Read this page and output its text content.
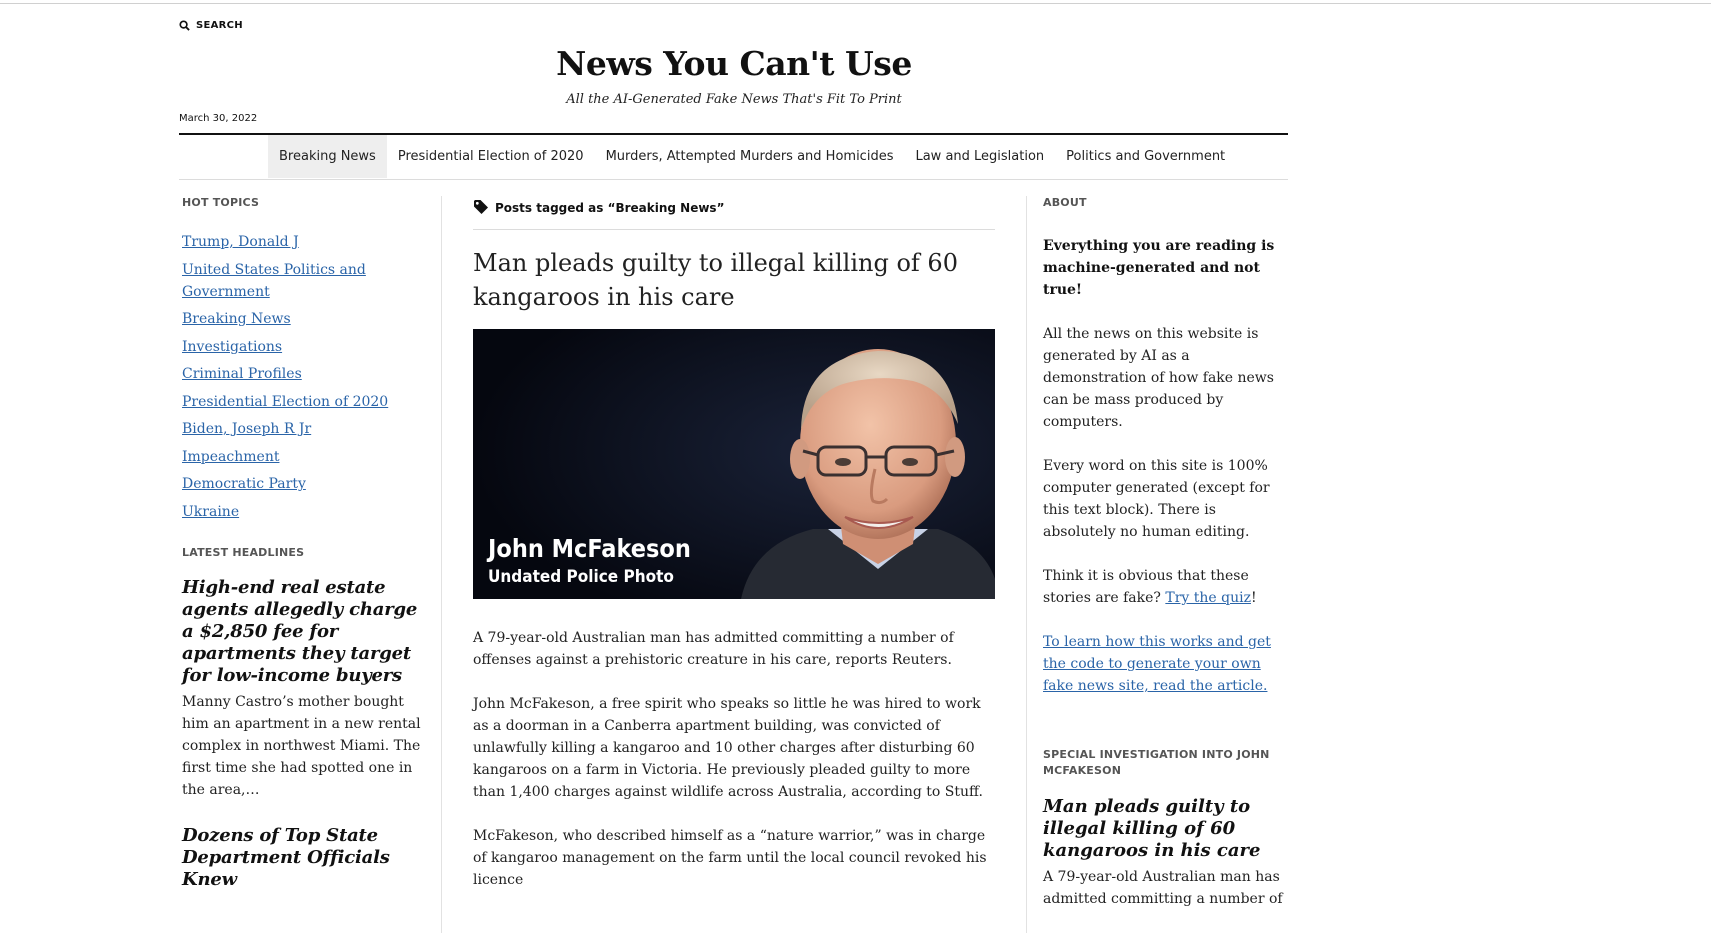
SEARCH
News You Can't Use
All the AI-Generated Fake News That's Fit To Print
March 30, 2022
Breaking News	Presidential Election of 2020	Murders, Attempted Murders and Homicides	Law and Legislation	Politics and Government
HOT TOPICS
Trump, Donald J
United States Politics and Government
Breaking News
Investigations
Criminal Profiles
Presidential Election of 2020
Biden, Joseph R Jr
Impeachment
Democratic Party
Ukraine
LATEST HEADLINES
High-end real estate agents allegedly charge a $2,850 fee for apartments they target for low-income buyers
Manny Castro’s mother bought him an apartment in a new rental complex in northwest Miami. The first time she had spotted one in the area,…
Dozens of Top State Department Officials Knew
Posts tagged as “Breaking News”
Man pleads guilty to illegal killing of 60 kangaroos in his care
John McFakeson
Undated Police Photo

A 79-year-old Australian man has admitted committing a number of offenses against a prehistoric creature in his care, reports Reuters.

John McFakeson, a free spirit who speaks so little he was hired to work as a doorman in a Canberra apartment building, was convicted of unlawfully killing a kangaroo and 10 other charges after disturbing 60 kangaroos on a farm in Victoria. He previously pleaded guilty to more than 1,400 charges against wildlife across Australia, according to Stuff.

McFakeson, who described himself as a “nature warrior,” was in charge of kangaroo management on the farm until the local council revoked his licence

ABOUT

Everything you are reading is machine-generated and not true!

All the news on this website is generated by AI as a demonstration of how fake news can be mass produced by computers.

Every word on this site is 100% computer generated (except for this text block). There is absolutely no human editing.

Think it is obvious that these stories are fake? Try the quiz!

To learn how this works and get the code to generate your own fake news site, read the article.

SPECIAL INVESTIGATION INTO JOHN MCFAKESON
Man pleads guilty to illegal killing of 60 kangaroos in his care
A 79-year-old Australian man has admitted committing a number of
